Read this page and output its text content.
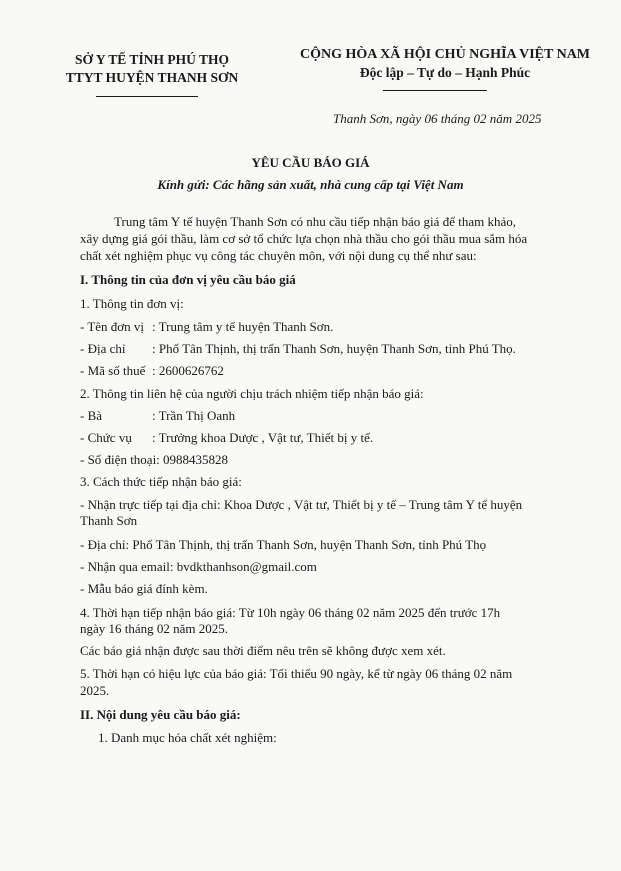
SỞ Y TẾ TỈNH PHÚ THỌ
TTYT HUYỆN THANH SƠN
CỘNG HÒA XÃ HỘI CHỦ NGHĨA VIỆT NAM
Độc lập – Tự do – Hạnh Phúc
Thanh Sơn, ngày 06 tháng 02 năm 2025
YÊU CẦU BÁO GIÁ
Kính gửi: Các hãng sản xuất, nhà cung cấp tại Việt Nam
Trung tâm Y tế huyện Thanh Sơn có nhu cầu tiếp nhận báo giá để tham khảo,
xây dựng giá gói thầu, làm cơ sở tổ chức lựa chọn nhà thầu cho gói thầu mua sắm hóa
chất xét nghiệm phục vụ công tác chuyên môn, với nội dung cụ thể như sau:
I. Thông tin của đơn vị yêu cầu báo giá
1. Thông tin đơn vị:
- Tên đơn vị : Trung tâm y tế huyện Thanh Sơn.
- Địa chỉ : Phố Tân Thịnh, thị trấn Thanh Sơn, huyện Thanh Sơn, tỉnh Phú Thọ.
- Mã số thuế : 2600626762
2. Thông tin liên hệ của người chịu trách nhiệm tiếp nhận báo giá:
- Bà	: Trần Thị Oanh
- Chức vụ : Trưởng khoa Dược , Vật tư, Thiết bị y tế.
- Số điện thoại: 0988435828
3. Cách thức tiếp nhận báo giá:
- Nhận trực tiếp tại địa chỉ: Khoa Dược , Vật tư, Thiết bị y tế – Trung tâm Y tế huyện
Thanh Sơn
- Địa chỉ: Phố Tân Thịnh, thị trấn Thanh Sơn, huyện Thanh Sơn, tỉnh Phú Thọ
- Nhận qua email: bvdkthanhson@gmail.com
- Mẫu báo giá đính kèm.
4. Thời hạn tiếp nhận báo giá: Từ 10h ngày 06 tháng 02 năm 2025 đến trước 17h
ngày 16 tháng 02 năm 2025.
Các báo giá nhận được sau thời điểm nêu trên sẽ không được xem xét.
5. Thời hạn có hiệu lực của báo giá: Tối thiểu 90 ngày, kể từ ngày 06 tháng 02 năm
2025.
II. Nội dung yêu cầu báo giá:
1. Danh mục hóa chất xét nghiệm:
